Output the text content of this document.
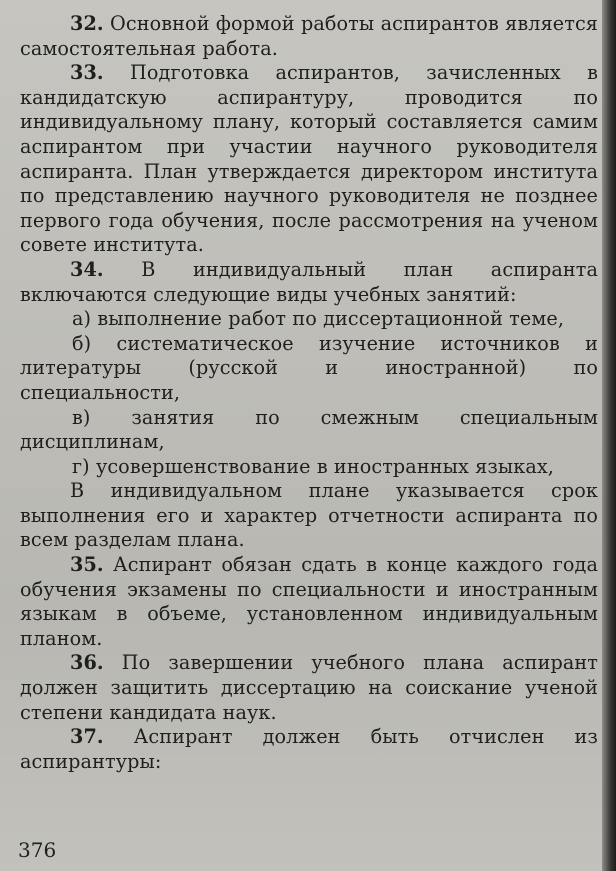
32. Основной формой работы аспирантов является самостоятельная работа.

33. Подготовка аспирантов, зачисленных в кандидатскую аспирантуру, проводится по индивидуальному плану, который составляется самим аспирантом при участии научного руководителя аспиранта. План утверждается директором института по представлению научного руководителя не позднее первого года обучения, после рассмотрения на ученом совете института.

34. В индивидуальный план аспиранта включаются следующие виды учебных занятий:

а) выполнение работ по диссертационной теме,

б) систематическое изучение источников и литературы (русской и иностранной) по специальности,

в) занятия по смежным специальным дисциплинам,

г) усовершенствование в иностранных языках,

В индивидуальном плане указывается срок выполнения его и характер отчетности аспиранта по всем разделам плана.

35. Аспирант обязан сдать в конце каждого года обучения экзамены по специальности и иностранным языкам в объеме, установленном индивидуальным планом.

36. По завершении учебного плана аспирант должен защитить диссертацию на соискание ученой степени кандидата наук.

37. Аспирант должен быть отчислен из аспирантуры:

376
